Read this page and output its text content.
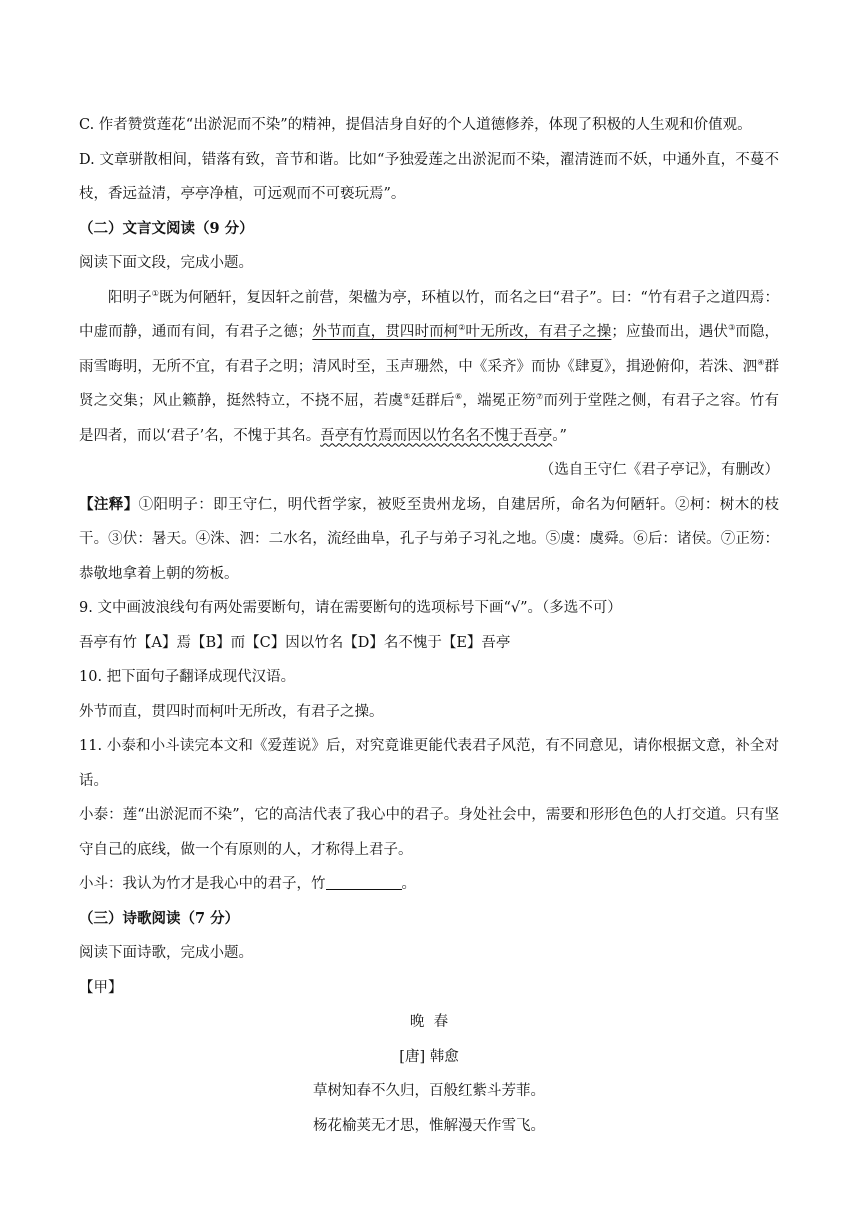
C. 作者赞赏莲花“出淤泥而不染”的精神，提倡洁身自好的个人道德修养，体现了积极的人生观和价值观。
D. 文章骈散相间，错落有致，音节和谐。比如“予独爱莲之出淤泥而不染，濯清涟而不妖，中通外直，不蔓不枝，香远益清，亭亭净植，可远观而不可亵玩焉”。
（二）文言文阅读（9 分）
阅读下面文段，完成小题。
阳明子①既为何陋轩，复因轩之前营，架楹为亭，环植以竹，而名之曰“君子”。曰：“竹有君子之道四焉：中虚而静，通而有间，有君子之德；外节而直，贯四时而柯②叶无所改，有君子之操；应蛰而出，遇伏③而隐，雨雪晦明，无所不宜，有君子之明；清风时至，玉声珊然，中《采齐》而协《肆夏》，揖逊俯仰，若洙、泗④群贤之交集；风止籁静，挺然特立，不挠不屈，若虞⑤廷群后⑥，端冕正笏⑦而列于堂陛之侧，有君子之容。竹有是四者，而以‘君子’名，不愧于其名。吾亭有竹焉而因以竹名名不愧于吾亭。”
（选自王守仁《君子亭记》，有删改）
【注释】①阳明子：即王守仁，明代哲学家，被贬至贵州龙场，自建居所，命名为何陋轩。②柯：树木的枝干。③伏：暑天。④洙、泗：二水名，流经曲阜，孔子与弟子习礼之地。⑤虞：虞舜。⑥后：诸侯。⑦正笏：恭敬地拿着上朝的笏板。
9. 文中画波浪线句有两处需要断句，请在需要断句的选项标号下画“√”。（多选不可）
吾亭有竹【A】焉【B】而【C】因以竹名【D】名不愧于【E】吾亭
10. 把下面句子翻译成现代汉语。
外节而直，贯四时而柯叶无所改，有君子之操。
11. 小泰和小斗读完本文和《爱莲说》后，对究竟谁更能代表君子风范，有不同意见，请你根据文意，补全对话。
小泰：莲“出淤泥而不染”，它的高洁代表了我心中的君子。身处社会中，需要和形形色色的人打交道。只有坚守自己的底线，做一个有原则的人，才称得上君子。
小斗：我认为竹才是我心中的君子，竹	。
（三）诗歌阅读（7 分）
阅读下面诗歌，完成小题。
【甲】
晚  春
[唐] 韩愈
草树知春不久归，百般红紫斗芳菲。
杨花榆荚无才思，惟解漫天作雪飞。
